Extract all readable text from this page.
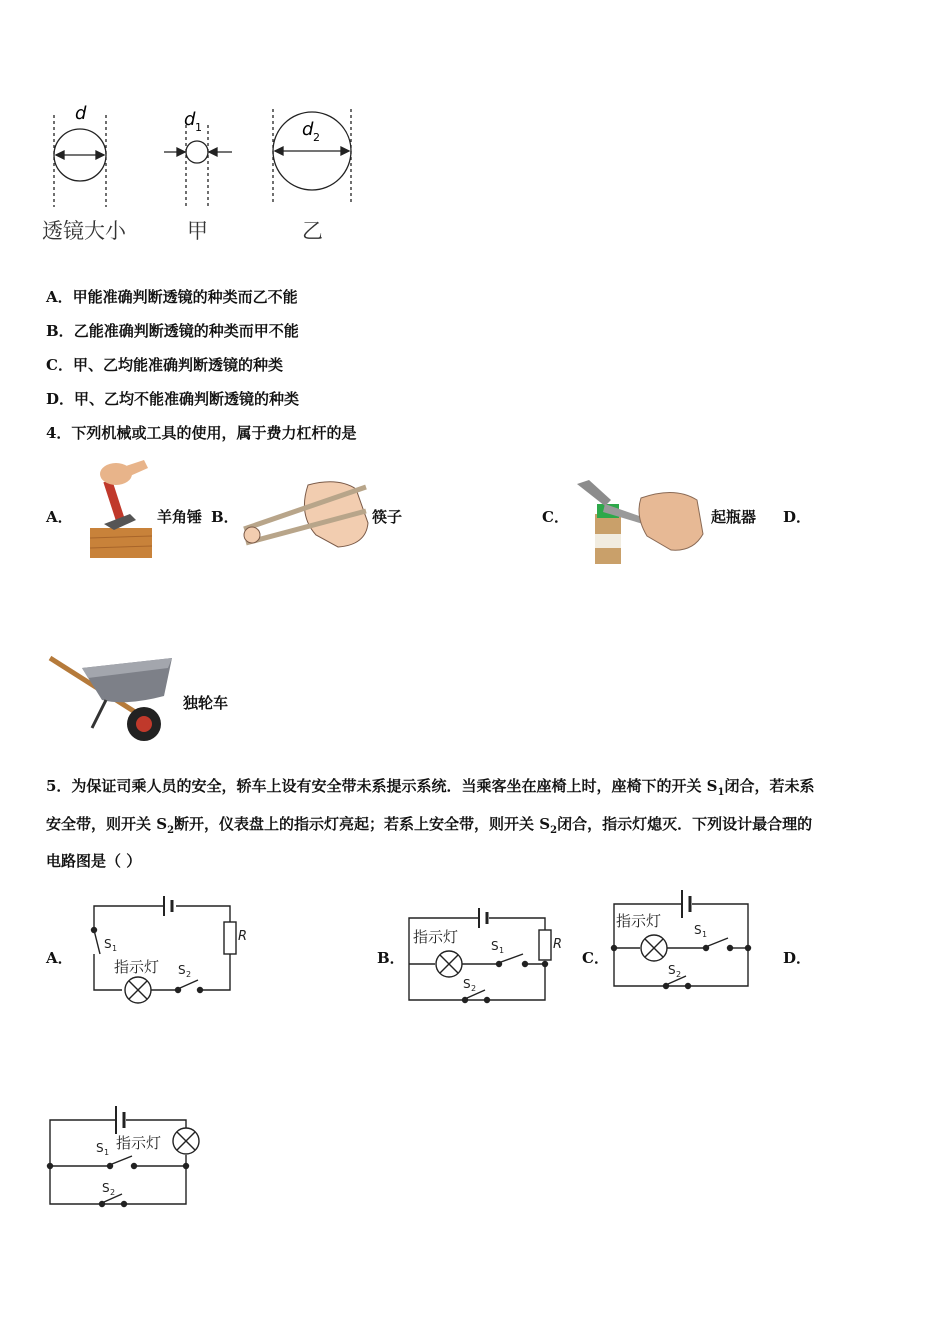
d	d 1	d 2
透镜大小	甲	乙
A．甲能准确判断透镜的种类而乙不能
B．乙能准确判断透镜的种类而甲不能
C．甲、乙均能准确判断透镜的种类
D．甲、乙均不能准确判断透镜的种类
4．下列机械或工具的使用，属于费力杠杆的是
A．	羊角锤 B．	筷子	C．	起瓶器 D．
独轮车
5．为保证司乘人员的安全，轿车上设有安全带未系提示系统．当乘客坐在座椅上时，座椅下的开关 $S_1$闭合，若未系
安全带，则开关 $S_2$断开，仪表盘上的指示灯亮起；若系上安全带，则开关 $S_2$闭合，指示灯熄灭．下列设计最合理的
电路图是（ ）
A．	B．	C．	D．
R
S 1
指示灯 S 2
指示灯	S 1	R
S 2
指示灯	S 1
S 2
S 1
指示灯
S 2
